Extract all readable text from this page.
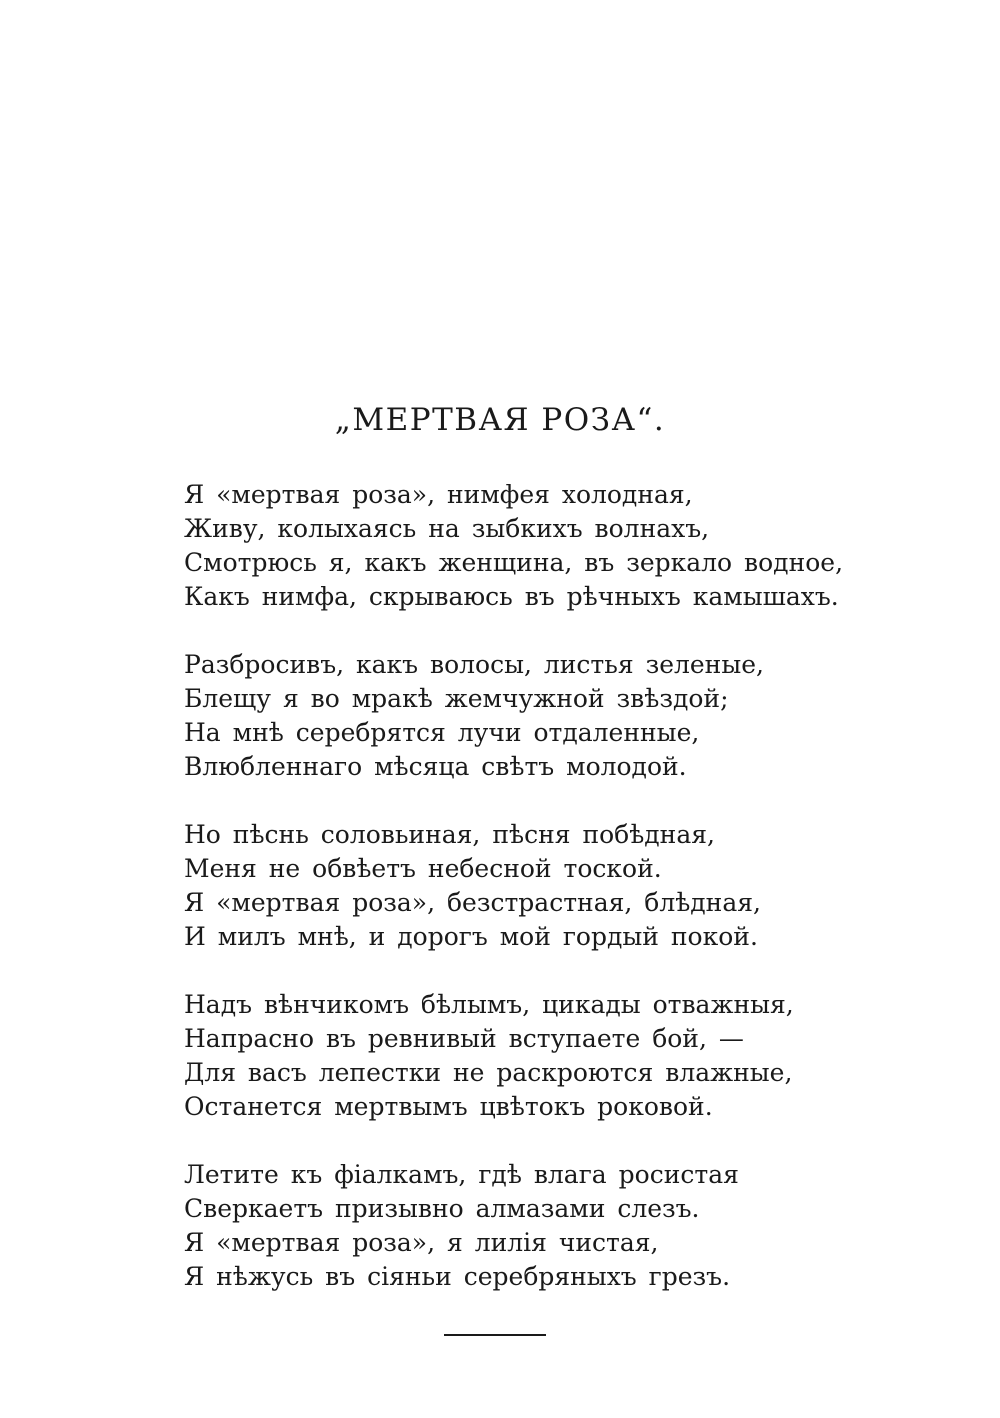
„МЕРТВАЯ РОЗА“.
Я «мертвая роза», нимфея холодная,
Живу, колыхаясь на зыбкихъ волнахъ,
Смотрюсь я, какъ женщина, въ зеркало водное,
Какъ нимфа, скрываюсь въ рѣчныхъ камышахъ.
Разбросивъ, какъ волосы, листья зеленые,
Блещу я во мракѣ жемчужной звѣздой;
На мнѣ серебрятся лучи отдаленные,
Влюбленнаго мѣсяца свѣтъ молодой.
Но пѣснь соловьиная, пѣсня побѣдная,
Меня не обвѣетъ небесной тоской.
Я «мертвая роза», безстрастная, блѣдная,
И милъ мнѣ, и дорогъ мой гордый покой.
Надъ вѣнчикомъ бѣлымъ, цикады отважныя,
Напрасно въ ревнивый вступаете бой, —
Для васъ лепестки не раскроются влажные,
Останется мертвымъ цвѣтокъ роковой.
Летите къ фіалкамъ, гдѣ влага росистая
Сверкаетъ призывно алмазами слезъ.
Я «мертвая роза», я лилія чистая,
Я нѣжусь въ сіяньи серебряныхъ грезъ.
